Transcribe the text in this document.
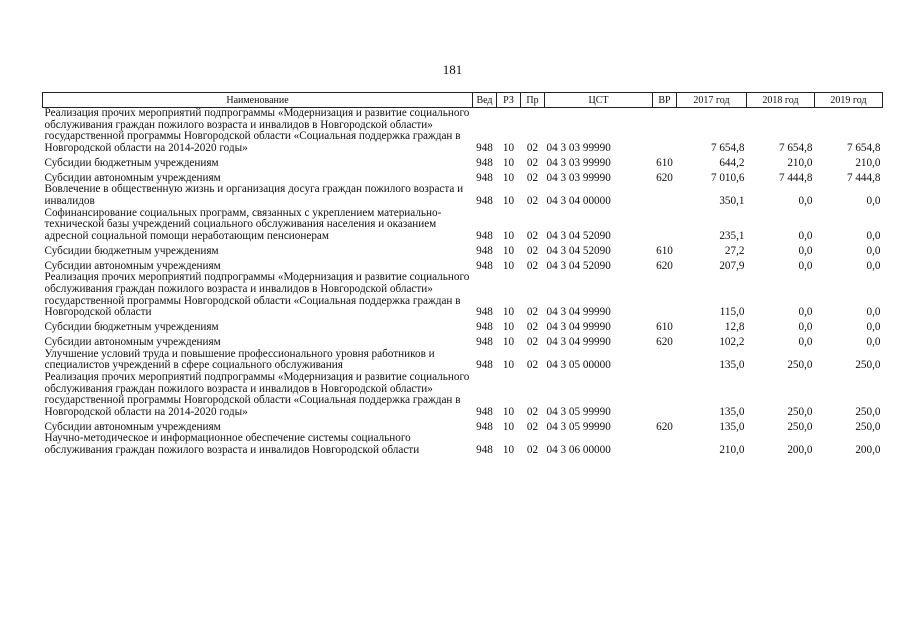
181
Наименование	Вед	РЗ	Пр	ЦСТ	ВР	2017 год	2018 год	2019 год
Реализация прочих мероприятий подпрограммы «Модернизация и развитие социального обслуживания граждан пожилого возраста и инвалидов в Новгородской области» государственной программы Новгородской области «Социальная поддержка граждан в Новгородской области на 2014-2020 годы»	948	10	02	04 3 03 99990		7 654,8	7 654,8	7 654,8
Субсидии бюджетным учреждениям	948	10	02	04 3 03 99990	610	644,2	210,0	210,0
Субсидии автономным учреждениям	948	10	02	04 3 03 99990	620	7 010,6	7 444,8	7 444,8
Вовлечение в общественную жизнь и организация досуга граждан пожилого возраста и инвалидов	948	10	02	04 3 04 00000		350,1	0,0	0,0
Софинансирование социальных программ, связанных с укреплением материально-технической базы учреждений социального обслуживания населения и оказанием адресной социальной помощи неработающим пенсионерам	948	10	02	04 3 04 52090		235,1	0,0	0,0
Субсидии бюджетным учреждениям	948	10	02	04 3 04 52090	610	27,2	0,0	0,0
Субсидии автономным учреждениям	948	10	02	04 3 04 52090	620	207,9	0,0	0,0
Реализация прочих мероприятий подпрограммы «Модернизация и развитие социального обслуживания граждан пожилого возраста и инвалидов в Новгородской области» государственной программы Новгородской области «Социальная поддержка граждан в Новгородской области	948	10	02	04 3 04 99990		115,0	0,0	0,0
Субсидии бюджетным учреждениям	948	10	02	04 3 04 99990	610	12,8	0,0	0,0
Субсидии автономным учреждениям	948	10	02	04 3 04 99990	620	102,2	0,0	0,0
Улучшение условий труда и повышение профессионального уровня работников и специалистов учреждений в сфере социального обслуживания	948	10	02	04 3 05 00000		135,0	250,0	250,0
Реализация прочих мероприятий подпрограммы «Модернизация и развитие социального обслуживания граждан пожилого возраста и инвалидов в Новгородской области» государственной программы Новгородской области «Социальная поддержка граждан в Новгородской области на 2014-2020 годы»	948	10	02	04 3 05 99990		135,0	250,0	250,0
Субсидии автономным учреждениям	948	10	02	04 3 05 99990	620	135,0	250,0	250,0
Научно-методическое и информационное обеспечение системы социального обслуживания граждан пожилого возраста и инвалидов Новгородской области	948	10	02	04 3 06 00000		210,0	200,0	200,0
